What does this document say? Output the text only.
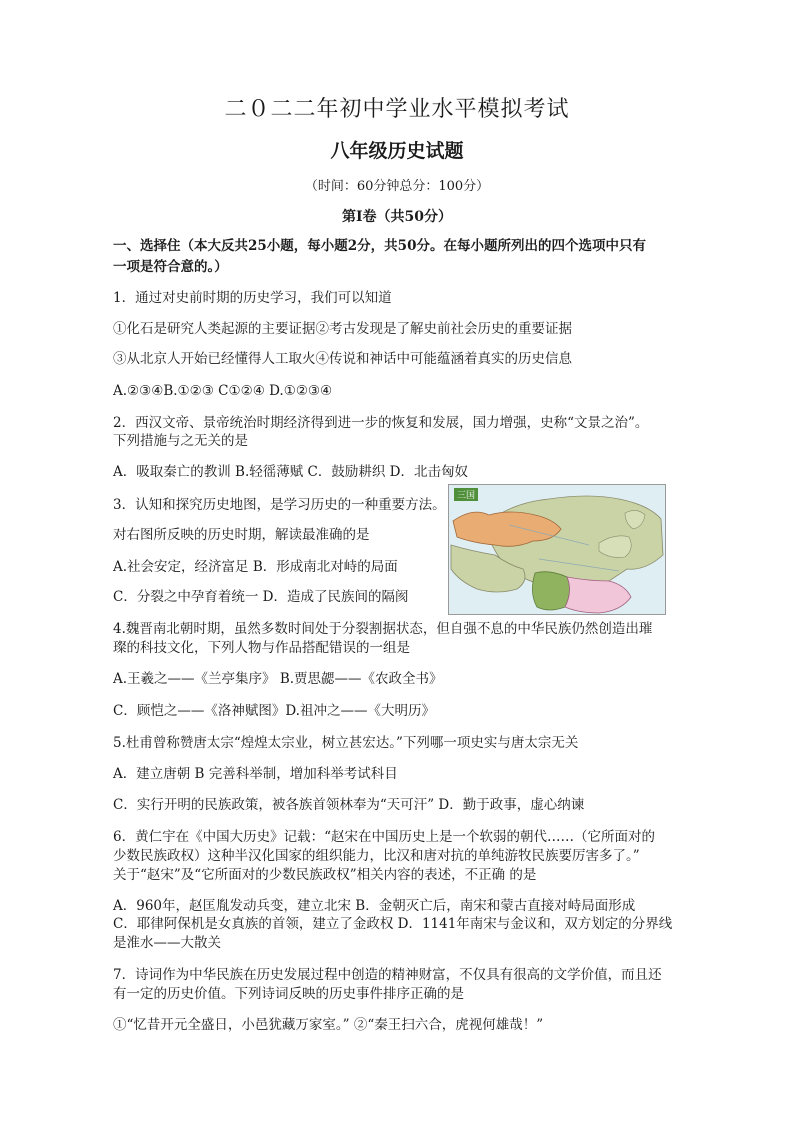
二０二二年初中学业水平模拟考试
八年级历史试题
（时间：60分钟总分：100分）
第Ⅰ卷（共50分）
一、选择住（本大反共25小题，每小题2分，共50分。在每小题所列出的四个选项中只有
一项是符合意的。）
1．通过对史前时期的历史学习，我们可以知道
①化石是研究人类起源的主要证据②考古发现是了解史前社会历史的重要证据
③从北京人开始已经懂得人工取火④传说和神话中可能蕴涵着真实的历史信息
A.②③④B.①②③ C①②④ D.①②③④
2．西汉文帝、景帝统治时期经济得到进一步的恢复和发展，国力增强，史称“文景之治”。
下列措施与之无关的是
A．吸取秦亡的教训 B.轻徭薄赋 C．鼓励耕织 D．北击匈奴
3．认知和探究历史地图，是学习历史的一种重要方法。
对右图所反映的历史时期，解读最准确的是
A.社会安定，经济富足 B．形成南北对峙的局面
C．分裂之中孕育着统一 D．造成了民族间的隔阂
三国
4.魏晋南北朝时期，虽然多数时间处于分裂割据状态，但自强不息的中华民族仍然创造出璀
璨的科技文化，下列人物与作品搭配错误的一组是
A.王羲之——《兰亭集序》 B.贾思勰——《农政全书》
C．顾恺之——《洛神赋图》D.祖冲之——《大明历》
5.杜甫曾称赞唐太宗“煌煌太宗业，树立甚宏达。”下列哪一项史实与唐太宗无关
A．建立唐朝 B 完善科举制，增加科举考试科目
C．实行开明的民族政策，被各族首领林奉为“天可汗” D．勤于政事，虚心纳谏
6．黄仁宇在《中国大历史》记载：“赵宋在中国历史上是一个软弱的朝代……（它所面对的
少数民族政权）这种半汉化国家的组织能力，比汉和唐对抗的单纯游牧民族要厉害多了。”
关于“赵宋”及“它所面对的少数民族政权”相关内容的表述，不正确 的是
A．960年，赵匡胤发动兵变，建立北宋 B．金朝灭亡后，南宋和蒙古直接对峙局面形成
C．耶律阿保机是女真族的首领，建立了金政权 D．1141年南宋与金议和，双方划定的分界线
是淮水——大散关
7．诗词作为中华民族在历史发展过程中创造的精神财富，不仅具有很高的文学价值，而且还
有一定的历史价值。下列诗词反映的历史事件排序正确的是
①“忆昔开元全盛日，小邑犹藏万家室。” ②“秦王扫六合，虎视何雄哉！”
